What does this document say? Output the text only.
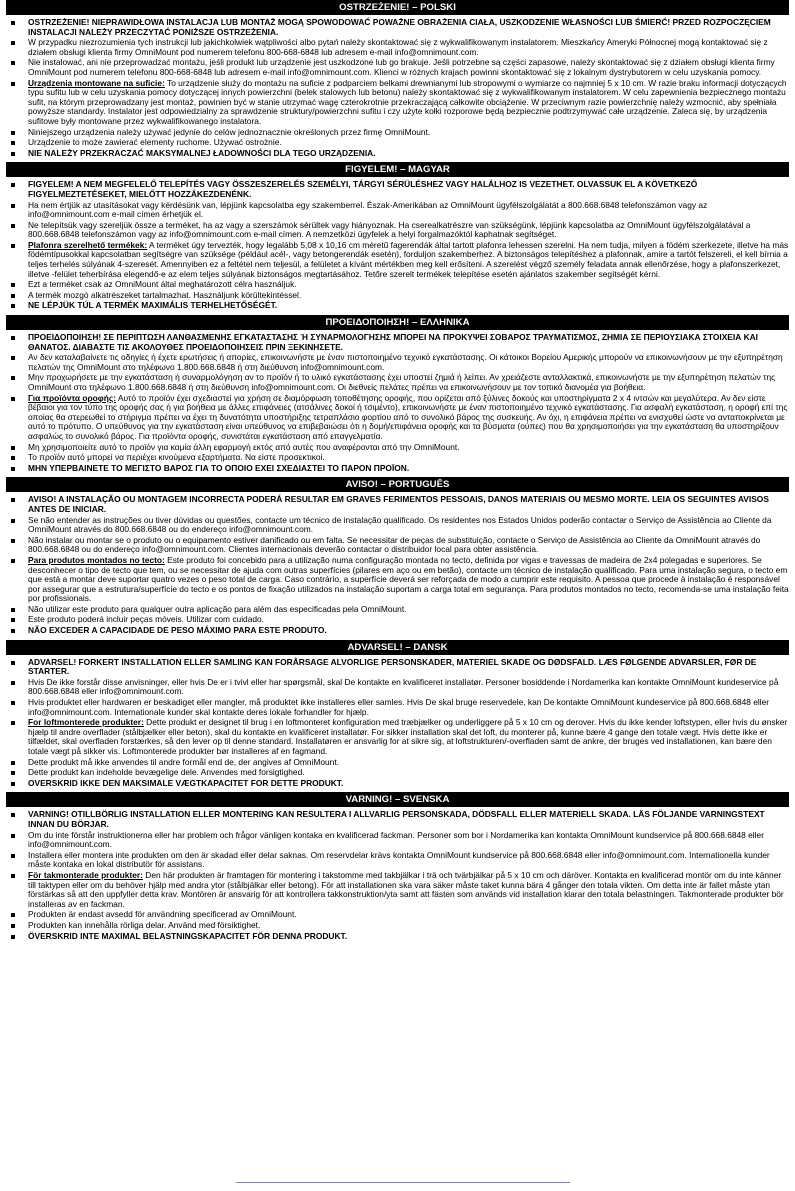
OSTRZEŻENIE! – POLSKI
OSTRZEŻENIE! NIEPRAWIDŁOWA INSTALACJA LUB MONTAŻ MOGĄ SPOWODOWAĆ POWAŻNE OBRAŻENIA CIAŁA, USZKODZENIE WŁASNOŚCI LUB ŚMIERĆ! PRZED ROZPOCZĘCIEM INSTALACJI NALEŻY PRZECZYTAĆ PONIŻSZE OSTRZEŻENIA.
W przypadku niezrozumienia tych instrukcji lub jakichkolwiek wątpliwości albo pytań należy skontaktować się z wykwalifikowanym instalatorem. Mieszkańcy Ameryki Północnej mogą kontaktować się z działem obsługi klienta firmy OmniMount pod numerem telefonu 800-668-6848 lub adresem e-mail info@omnimount.com.
Nie instalować, ani nie przeprowadzać montażu, jeśli produkt lub urządzenie jest uszkodzone lub go brakuje. Jeśli potrzebne są części zapasowe, należy skontaktować się z działem obsługi klienta firmy OmniMount pod numerem telefonu 800-668-6848 lub adresem e-mail info@omnimount.com. Klienci w różnych krajach powinni skontaktować się z lokalnym dystrybutorem w celu uzyskania pomocy.
Urządzenia montowane na suficie: To urządzenie służy do montażu na suficie z podparciem belkami drewnianymi lub stropowymi o wymiarze co najmniej 5 x 10 cm. W razie braku informacji dotyczących typu sufitu lub w celu uzyskania pomocy dotyczącej innych powierzchni (belek stalowych lub betonu) należy skontaktować się z wykwalifikowanym instalatorem. W celu zapewnienia bezpiecznego montażu sufit, na którym przeprowadzany jest montaż, powinien być w stanie utrzymać wagę czterokrotnie przekraczającą całkowite obciążenie. W przeciwnym razie powierzchnię należy wzmocnić, aby spełniała powyższe standardy. Instalator jest odpowiedzialny za sprawdzenie struktury/powierzchni sufitu i czy użyte kołki rozporowe będą bezpiecznie podtrzymywać całe urządzenie. Zaleca się, by urządzenia sufitowe były montowane przez wykwalifikowanego instalatora.
Niniejszego urządzenia należy używać jedynie do celów jednoznacznie określonych przez firmę OmniMount.
Urządzenie to może zawierać elementy ruchome. Używać ostrożnie.
NIE NALEŻY PRZEKRACZAĆ MAKSYMALNEJ ŁADOWNOŚCI DLA TEGO URZĄDZENIA.
FIGYELEM! – MAGYAR
FIGYELEM! A NEM MEGFELELŐ TELEPÍTÉS VAGY ÖSSZESZERELÉS SZEMÉLYI, TÁRGYI SÉRÜLÉSHEZ VAGY HALÁLHOZ IS VEZETHET. OLVASSUK EL A KÖVETKEZŐ FIGYELMEZTETÉSEKET, MIELŐTT HOZZÁKEZDENÉNK.
Ha nem értjük az utasításokat vagy kérdésünk van, lépjünk kapcsolatba egy szakemberrel. Észak-Amerikában az OmniMount ügyfélszolgálatát a 800.668.6848 telefonszámon vagy az info@omnimount.com e-mail címen érhetjük el.
Ne telepítsük vagy szereljük össze a terméket, ha az vagy a szerszámok sérültek vagy hiányoznak. Ha cserealkatrészre van szükségünk, lépjünk kapcsolatba az OmniMount ügyfélszolgálatával a 800.668.6848 telefonszámon vagy az info@omnimount.com e-mail címen. A nemzetközi ügyfelek a helyi forgalmazóktól kaphatnak segítséget.
Plafonra szerelhető termékek: A terméket úgy tervezték, hogy legalább 5,08 x 10,16 cm méretű fagerendák által tartott plafonra lehessen szerelni. Ha nem tudja, milyen a födém szerkezete, illetve ha más födémtípusokkal kapcsolatban segítségre van szüksége (például acél-, vagy betongerendák esetén), forduljon szakemberhez. A biztonságos telepítéshez a plafonnak, amire a tartót felszereli, el kell bírnia a teljes terhelés súlyának 4-szeresét. Amennyiben ez a feltétel nem teljesül, a felületet a kívánt mértékben meg kell erősíteni. A szerelést végző személy feladata annak ellenőrzése, hogy a plafonszerkezet, illetve -felület teherbírása elegendő-e az elem teljes súlyának biztonságos megtartásához. Tetőre szerelt termékek telepítése esetén ajánlatos szakember segítségét kérni.
Ezt a terméket csak az OmniMount által meghatározott célra használjuk.
A termék mozgó alkatrészeket tartalmazhat. Használjunk körültekintéssel.
NE LÉPJÜK TÚL A TERMÉK MAXIMÁLIS TERHELHETŐSÉGÉT.
ΠΡΟΕΙΔΟΠΟΙΗΣΗ! – ΕΛΛΗΝΙΚΑ
ΠΡΟΕΙΔΟΠΟΙΗΣΗ! ΣΕ ΠΕΡΙΠΤΩΣΗ ΛΑΝΘΑΣΜΕΝΗΣ ΕΓΚΑΤΑΣΤΑΣΗΣ Ή ΣΥΝΑΡΜΟΛΟΓΗΣΗΣ ΜΠΟΡΕΙ ΝΑ ΠΡΟΚΥΨΕΙ ΣΟΒΑΡΟΣ ΤΡΑΥΜΑΤΙΣΜΟΣ, ΖΗΜΙΑ ΣΕ ΠΕΡΙΟΥΣΙΑΚΑ ΣΤΟΙΧΕΙΑ ΚΑΙ ΘΑΝΑΤΟΣ. ΔΙΑΒΑΣΤΕ ΤΙΣ ΑΚΟΛΟΥΘΕΣ ΠΡΟΕΙΔΟΠΟΙΗΣΕΙΣ ΠΡΙΝ ΞΕΚΙΝΗΣΕΤΕ.
Αν δεν καταλαβαίνετε τις οδηγίες ή έχετε ερωτήσεις ή απορίες, επικοινωνήστε με έναν πιστοποιημένο τεχνικό εγκατάστασης. Οι κάτοικοι Βορείου Αμερικής μπορούν να επικοινωνήσουν με την εξυπηρέτηση πελατών της OmniMount στο τηλέφωνο 1.800.668.6848 ή στη διεύθυνση info@omnimount.com.
Μην προχωρήσετε με την εγκατάσταση ή συναρμολόγηση αν το προϊόν ή το υλικό εγκατάστασης έχει υποστεί ζημιά ή λείπει. Αν χρειάζεστε ανταλλακτικά, επικοινωνήστε με την εξυπηρέτηση πελατών της OmniMount στο τηλέφωνο 1.800.668.6848 ή στη διεύθυνση info@omnimount.com. Οι διεθνείς πελάτες πρέπει να επικοινωνήσουν με τον τοπικό διανομέα για βοήθεια.
Για προϊόντα οροφής: Αυτό το προϊόν έχει σχεδιαστεί για χρήση σε διαμόρφωση τοποθέτησης οροφής, που ορίζεται από ξύλινες δοκούς και υποστηρίγματα 2 x 4 ιντσών και μεγαλύτερα. Αν δεν είστε βέβαιοι για τον τύπο της οροφής σας ή για βοήθεια με άλλες επιφάνειες (ατσάλινες δοκοί ή τσιμέντο), επικοινωνήστε με έναν πιστοποιημένο τεχνικό εγκατάστασης. Για ασφαλή εγκατάσταση, η οροφή επί της οποίας θα στερεωθεί το στήριγμα πρέπει να έχει τη δυνατότητα υποστήριξης τετραπλάσιο φορτίου από το συνολικό βάρος της συσκευής. Αν όχι, η επιφάνεια πρέπει να ενισχυθεί ώστε να ανταποκρίνεται με αυτό το πρότυπο. Ο υπεύθυνος για την εγκατάσταση είναι υπεύθυνος να επιβεβαιώσει ότι η δομή/επιφάνεια οροφής και τα βύσματα (ούπες) που θα χρησιμοποιήσει για την εγκατάσταση θα υποστηρίξουν ασφαλώς το συνολικό βάρος. Για προϊόντα οροφής, συνιστάται εγκατάσταση από επαγγελματία.
Μη χρησιμοποιείτε αυτό το προϊόν για καμία άλλη εφαρμογή εκτός από αυτές που αναφέρονται από την OmniMount.
Το προϊόν αυτό μπορεί να περιέχει κινούμενα εξαρτήματα. Να είστε προσεκτικοί.
ΜΗΝ ΥΠΕΡΒΑΙΝΕΤΕ ΤΟ ΜΕΓΙΣΤΟ ΒΑΡΟΣ ΓΙΑ ΤΟ ΟΠΟΙΟ ΕΧΕΙ ΣΧΕΔΙΑΣΤΕΙ ΤΟ ΠΑΡΟΝ ΠΡΟΪΟΝ.
AVISO! – PORTUGUÊS
AVISO! A INSTALAÇÃO OU MONTAGEM INCORRECTA PODERÁ RESULTAR EM GRAVES FERIMENTOS PESSOAIS, DANOS MATERIAIS OU MESMO MORTE. LEIA OS SEGUINTES AVISOS ANTES DE INICIAR.
Se não entender as instruções ou tiver dúvidas ou questões, contacte um técnico de instalação qualificado. Os residentes nos Estados Unidos poderão contactar o Serviço de Assistência ao Cliente da OmniMount através do 800.668.6848 ou do endereço info@omnimount.com.
Não instalar ou montar se o produto ou o equipamento estiver danificado ou em falta. Se necessitar de peças de substituição, contacte o Serviço de Assistência ao Cliente da OmniMount através do 800.668.6848 ou do endereço info@omnimount.com. Clientes internacionais deverão contactar o distribuidor local para obter assistência.
Para produtos montados no tecto: Este produto foi concebido para a utilização numa configuração montada no tecto, definida por vigas e travessas de madeira de 2x4 polegadas e superiores. Se desconhecer o tipo de tecto que tem, ou se necessitar de ajuda com outras superfícies (pilares em aço ou em betão), contacte um técnico de instalação qualificado. Para uma instalação segura, o tecto em que está a montar deve suportar quatro vezes o peso total de carga. Caso contrário, a superfície deverá ser reforçada de modo a cumprir este requisito. A pessoa que procede à instalação é responsável por assegurar que a estrutura/superfície do tecto e os pontos de fixação utilizados na instalação suportam a carga total em segurança. Para produtos montados no tecto, recomenda-se uma instalação feita por profissionais.
Não utilizar este produto para qualquer outra aplicação para além das especificadas pela OmniMount.
Este produto poderá incluir peças móveis. Utilizar com cuidado.
NÃO EXCEDER A CAPACIDADE DE PESO MÁXIMO PARA ESTE PRODUTO.
ADVARSEL! – DANSK
ADVARSEL! FORKERT INSTALLATION ELLER SAMLING KAN FORÅRSAGE ALVORLIGE PERSONSKADER, MATERIEL SKADE OG DØDSFALD. LÆS FØLGENDE ADVARSLER, FØR DE STARTER.
Hvis De ikke forstår disse anvisninger, eller hvis De er i tvivl eller har spørgsmål, skal De kontakte en kvalificeret installatør. Personer bosiddende i Nordamerika kan kontakte OmniMount kundeservice på 800.668.6848 eller info@omnimount.com.
Hvis produktet eller hardwaren er beskadiget eller mangler, må produktet ikke installeres eller samles. Hvis De skal bruge reservedele, kan De kontakte OmniMount kundeservice på 800.668.6848 eller info@omnimount.com. Internationale kunder skal kontakte deres lokale forhandler for hjælp.
For loftmonterede produkter: Dette produkt er designet til brug i en loftmonteret konfiguration med træbjælker og underliggere på 5 x 10 cm og derover. Hvis du ikke kender loftstypen, eller hvis du ønsker hjælp til andre overflader (stålbjælker eller beton), skal du kontakte en kvalificeret installatør. For sikker installation skal det loft, du monterer på, kunne bære 4 gange den totale vægt. Hvis dette ikke er tilfældet, skal overfladen forstærkes, så den lever op til denne standard. Installatøren er ansvarlig for at sikre sig, at loftstrukturen/-overfladen samt de ankre, der bruges ved installationen, kan bære den totale vægt på sikker vis. Loftmonterede produkter bør installeres af en fagmand.
Dette produkt må ikke anvendes til andre formål end de, der angives af OmniMount.
Dette produkt kan indeholde bevægelige dele. Anvendes med forsigtighed.
OVERSKRID IKKE DEN MAKSIMALE VÆGTKAPACITET FOR DETTE PRODUKT.
VARNING! – SVENSKA
VARNING! OTILLBÖRLIG INSTALLATION ELLER MONTERING KAN RESULTERA I ALLVARLIG PERSONSKADA, DÖDSFALL ELLER MATERIELL SKADA. LÄS FÖLJANDE VARNINGSTEXT INNAN DU BÖRJAR.
Om du inte förstår instruktionerna eller har problem och frågor vänligen kontaka en kvalificerad fackman. Personer som bor i Nordamerika kan kontakta OmniMount kundservice på 800.668.6848 eller info@omnimount.com.
Installera eller montera inte produkten om den är skadad eller delar saknas. Om reservdelar krävs kontakta OmniMount kundservice på 800.668.6848 eller info@omnimount.com. Internationella kunder måste kontaka en lokal distributör för assistans.
För takmonterade produkter: Den här produkten är framtagen för montering i takstomme med takbjälkar i trä och tvärbjälkar på 5 x 10 cm och däröver. Kontakta en kvalificerad montör om du inte känner till taktypen eller om du behöver hjälp med andra ytor (stålbjälkar eller betong). För att installationen ska vara säker måste taket kunna bära 4 gånger den totala vikten. Om detta inte är fallet måste ytan förstärkas så att den uppfyller detta krav. Montören är ansvarig för att kontrollera takkonstruktion/yta samt att fästen som används vid installation klarar den totala belastningen. Takmonterade produkter bör installeras av en fackman.
Produkten är endast avsedd för användning specificerad av OmniMount.
Produkten kan innehålla rörliga delar. Använd med försiktighet.
ÖVERSKRID INTE MAXIMAL BELASTNINGSKAPACITET FÖR DENNA PRODUKT.
